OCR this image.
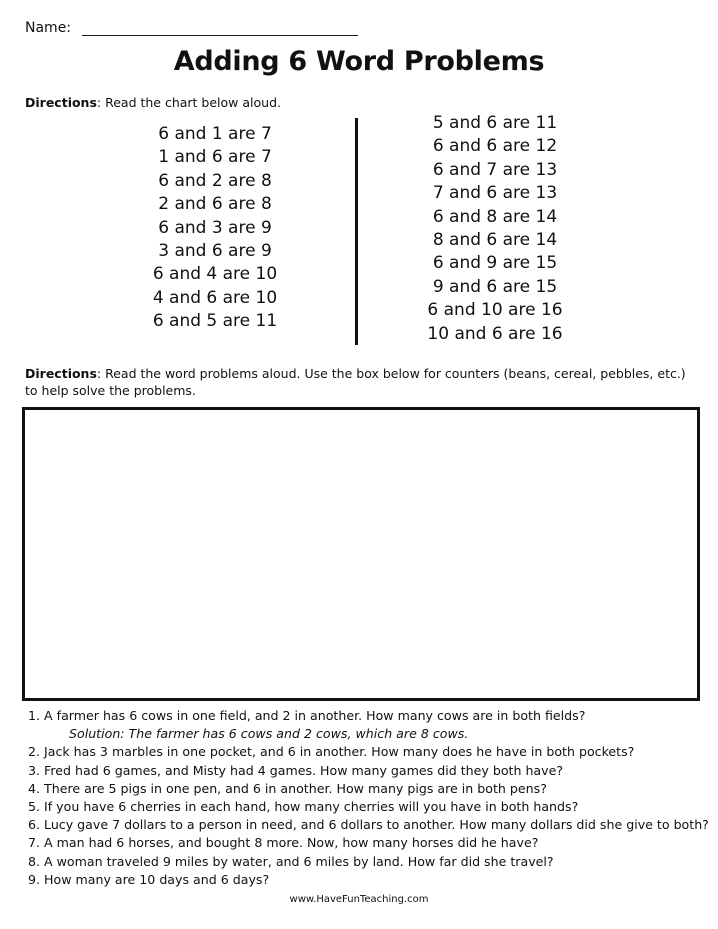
Name:
Adding 6 Word Problems
Directions: Read the chart below aloud.
6 and 1 are 7
1 and 6 are 7
6 and 2 are 8
2 and 6 are 8
6 and 3 are 9
3 and 6 are 9
6 and 4 are 10
4 and 6 are 10
6 and 5 are 11
5 and 6 are 11
6 and 6 are 12
6 and 7 are 13
7 and 6 are 13
6 and 8 are 14
8 and 6 are 14
6 and 9 are 15
9 and 6 are 15
6 and 10 are 16
10 and 6 are 16
Directions: Read the word problems aloud. Use the box below for counters (beans, cereal, pebbles, etc.) to help solve the problems.
1. A farmer has 6 cows in one field, and 2 in another. How many cows are in both fields?
Solution: The farmer has 6 cows and 2 cows, which are 8 cows.
2. Jack has 3 marbles in one pocket, and 6 in another. How many does he have in both pockets?
3. Fred had 6 games, and Misty had 4 games. How many games did they both have?
4. There are 5 pigs in one pen, and 6 in another. How many pigs are in both pens?
5. If you have 6 cherries in each hand, how many cherries will you have in both hands?
6. Lucy gave 7 dollars to a person in need, and 6 dollars to another. How many dollars did she give to both?
7. A man had 6 horses, and bought 8 more. Now, how many horses did he have?
8. A woman traveled 9 miles by water, and 6 miles by land. How far did she travel?
9. How many are 10 days and 6 days?
www.HaveFunTeaching.com
